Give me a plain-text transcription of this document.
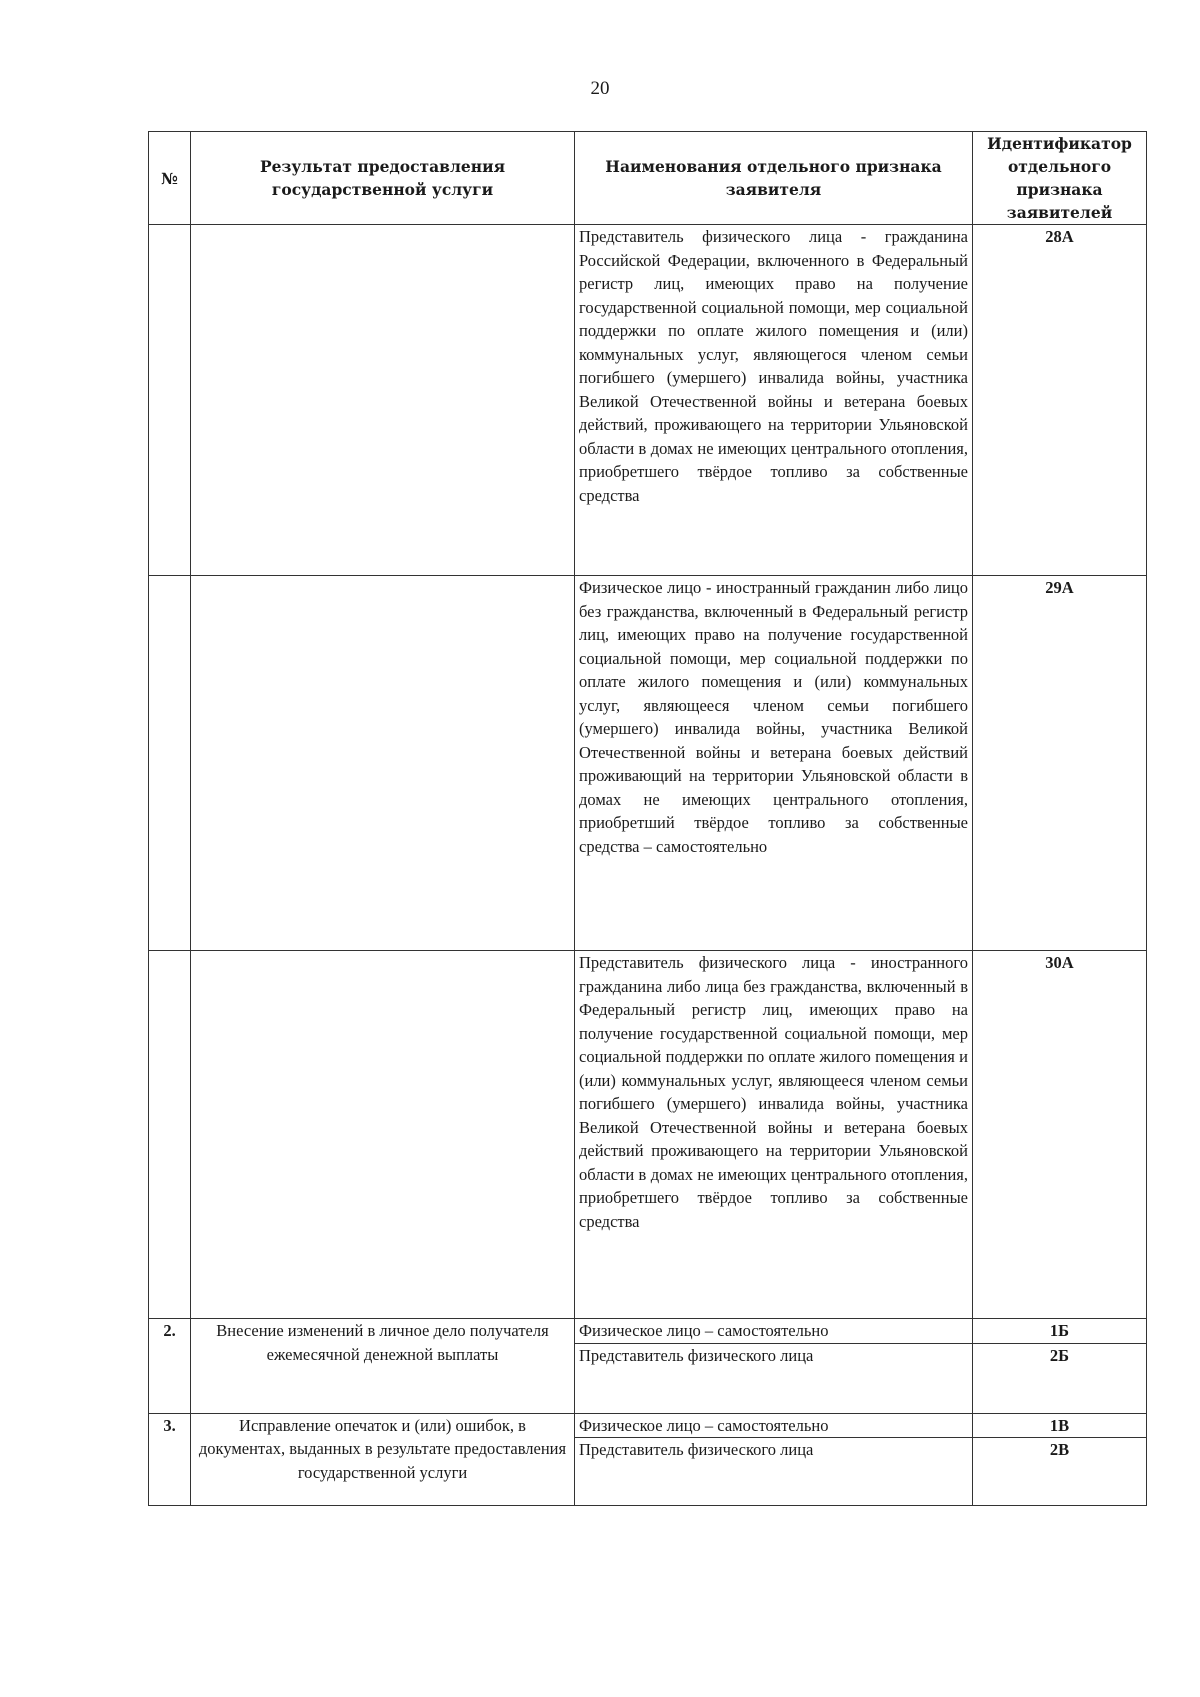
20
№	Результат предоставления государственной услуги	Наименования отдельного признака заявителя	Идентификатор отдельного признака заявителей
		Представитель физического лица - гражданина Российской Федерации, включенного в Федеральный регистр лиц, имеющих право на получение государственной социальной помощи, мер социальной поддержки по оплате жилого помещения и (или) коммунальных услуг, являющегося членом семьи погибшего (умершего) инвалида войны, участника Великой Отечественной войны и ветерана боевых действий, проживающего на территории Ульяновской области в домах не имеющих центрального отопления, приобретшего твёрдое топливо за собственные средства	28А
		Физическое лицо - иностранный гражданин либо лицо без гражданства, включенный в Федеральный регистр лиц, имеющих право на получение государственной социальной помощи, мер социальной поддержки по оплате жилого помещения и (или) коммунальных услуг, являющееся членом семьи погибшего (умершего) инвалида войны, участника Великой Отечественной войны и ветерана боевых действий проживающий на территории Ульяновской области в домах не имеющих центрального отопления, приобретший твёрдое топливо за собственные средства – самостоятельно	29А
		Представитель физического лица - иностранного гражданина либо лица без гражданства, включенный в Федеральный регистр лиц, имеющих право на получение государственной социальной помощи, мер социальной поддержки по оплате жилого помещения и (или) коммунальных услуг, являющееся членом семьи погибшего (умершего) инвалида войны, участника Великой Отечественной войны и ветерана боевых действий проживающего на территории Ульяновской области в домах не имеющих центрального отопления, приобретшего твёрдое топливо за собственные средства	30А
2.	Внесение изменений в личное дело получателя ежемесячной денежной выплаты	Физическое лицо – самостоятельно	1Б
		Представитель физического лица	2Б
3.	Исправление опечаток и (или) ошибок, в документах, выданных в результате предоставления государственной услуги	Физическое лицо – самостоятельно	1В
		Представитель физического лица	2В
